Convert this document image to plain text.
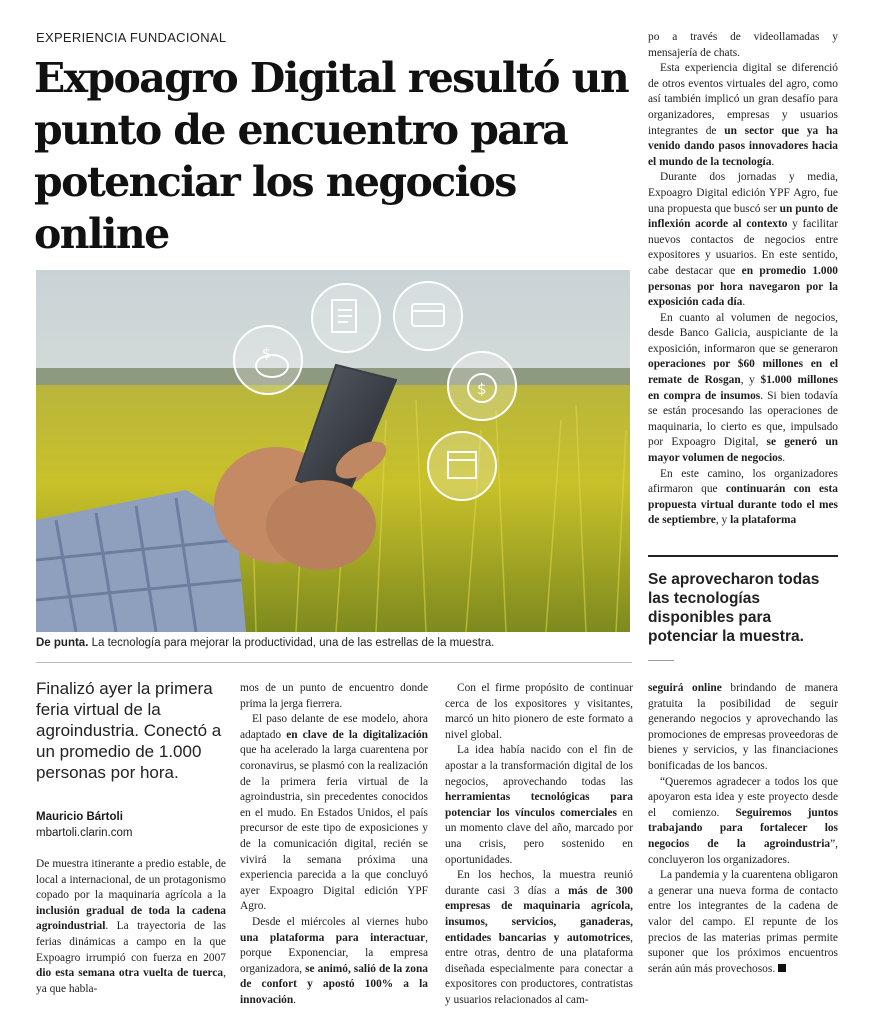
EXPERIENCIA FUNDACIONAL
Expoagro Digital resultó un punto de encuentro para potenciar los negocios online
$
$
De punta. La tecnología para mejorar la productividad, una de las estrellas de la muestra.
Finalizó ayer la primera feria virtual de la agroindustria. Conectó a un promedio de 1.000 personas por hora.
Mauricio Bártoli
mbartoli.clarin.com

De muestra itinerante a predio estable, de local a internacional, de un protagonismo copado por la maquinaria agrícola a la inclusión gradual de toda la cadena agroindustrial. La trayectoria de las ferias dinámicas a campo en la que Expoagro irrumpió con fuerza en 2007 dio esta semana otra vuelta de tuerca, ya que habla-

mos de un punto de encuentro donde prima la jerga fierrera.

El paso delante de ese modelo, ahora adaptado en clave de la digitalización que ha acelerado la larga cuarentena por coronavirus, se plasmó con la realización de la primera feria virtual de la agroindustria, sin precedentes conocidos en el mudo. En Estados Unidos, el país precursor de este tipo de exposiciones y de la comunicación digital, recién se vivirá la semana próxima una experiencia parecida a la que concluyó ayer Expoagro Digital edición YPF Agro.

Desde el miércoles al viernes hubo una plataforma para interactuar, porque Exponenciar, la empresa organizadora, se animó, salió de la zona de confort y apostó 100% a la innovación.

Con el firme propósito de continuar cerca de los expositores y visitantes, marcó un hito pionero de este formato a nivel global.

La idea había nacido con el fin de apostar a la transformación digital de los negocios, aprovechando todas las herramientas tecnológicas para potenciar los vínculos comerciales en un momento clave del año, marcado por una crisis, pero sostenido en oportunidades.

En los hechos, la muestra reunió durante casi 3 días a más de 300 empresas de maquinaria agrícola, insumos, servicios, ganaderas, entidades bancarias y automotrices, entre otras, dentro de una plataforma diseñada especialmente para conectar a expositores con productores, contratistas y usuarios relacionados al cam-

po a través de videollamadas y mensajería de chats.

Esta experiencia digital se diferenció de otros eventos virtuales del agro, como así también implicó un gran desafío para organizadores, empresas y usuarios integrantes de un sector que ya ha venido dando pasos innovadores hacia el mundo de la tecnología.

Durante dos jornadas y media, Expoagro Digital edición YPF Agro, fue una propuesta que buscó ser un punto de inflexión acorde al contexto y facilitar nuevos contactos de negocios entre expositores y usuarios. En este sentido, cabe destacar que en promedio 1.000 personas por hora navegaron por la exposición cada día.

En cuanto al volumen de negocios, desde Banco Galicia, auspiciante de la exposición, informaron que se generaron operaciones por $60 millones en el remate de Rosgan, y $1.000 millones en compra de insumos. Si bien todavía se están procesando las operaciones de maquinaria, lo cierto es que, impulsado por Expoagro Digital, se generó un mayor volumen de negocios.

En este camino, los organizadores afirmaron que continuarán con esta propuesta virtual durante todo el mes de septiembre, y la plataforma

Se aprovecharon todas las tecnologías disponibles para potenciar la muestra.

seguirá online brindando de manera gratuita la posibilidad de seguir generando negocios y aprovechando las promociones de empresas proveedoras de bienes y servicios, y las financiaciones bonificadas de los bancos.

“Queremos agradecer a todos los que apoyaron esta idea y este proyecto desde el comienzo. Seguiremos juntos trabajando para fortalecer los negocios de la agroindustria”, concluyeron los organizadores.

La pandemia y la cuarentena obligaron a generar una nueva forma de contacto entre los integrantes de la cadena de valor del campo. El repunte de los precios de las materias primas permite suponer que los próximos encuentros serán aún más provechosos.
